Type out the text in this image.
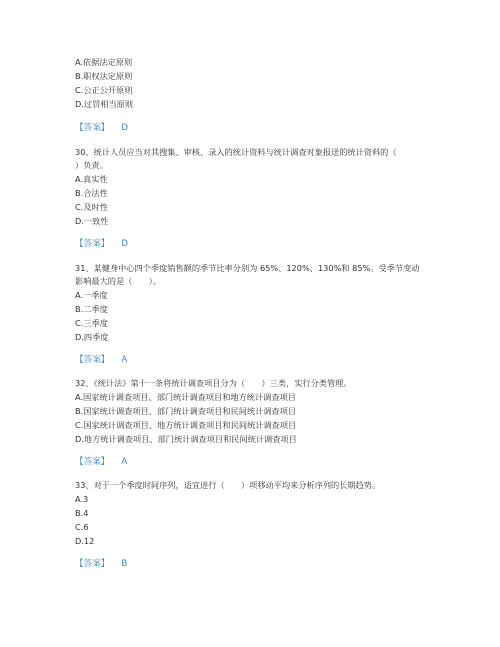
A.依据法定原则
B.职权法定原则
C.公正公开原则
D.过罚相当原则
【答案】 D
30、统计人员应当对其搜集、审核、录入的统计资料与统计调查对象报送的统计资料的（
）负责。
A.真实性
B.合法性
C.及时性
D.一致性
【答案】 D
31、某健身中心四个季度销售额的季节比率分别为 65%、120%、130%和 85%。受季节变动
影响最大的是（　　）。
A.一季度
B.二季度
C.三季度
D.四季度
【答案】 A
32、《统计法》第十一条将统计调查项目分为（　　）三类，实行分类管理。
A.国家统计调查项目、部门统计调查项目和地方统计调查项目
B.国家统计调查项目、部门统计调查项目和民间统计调查项目
C.国家统计调查项目、地方统计调查项目和民间统计调查项目
D.地方统计调查项目、部门统计调查项目和民间统计调查项目
【答案】 A
33、对于一个季度时间序列，适宜进行（　　）项移动平均来分析序列的长期趋势。
A.3
B.4
C.6
D.12
【答案】 B
